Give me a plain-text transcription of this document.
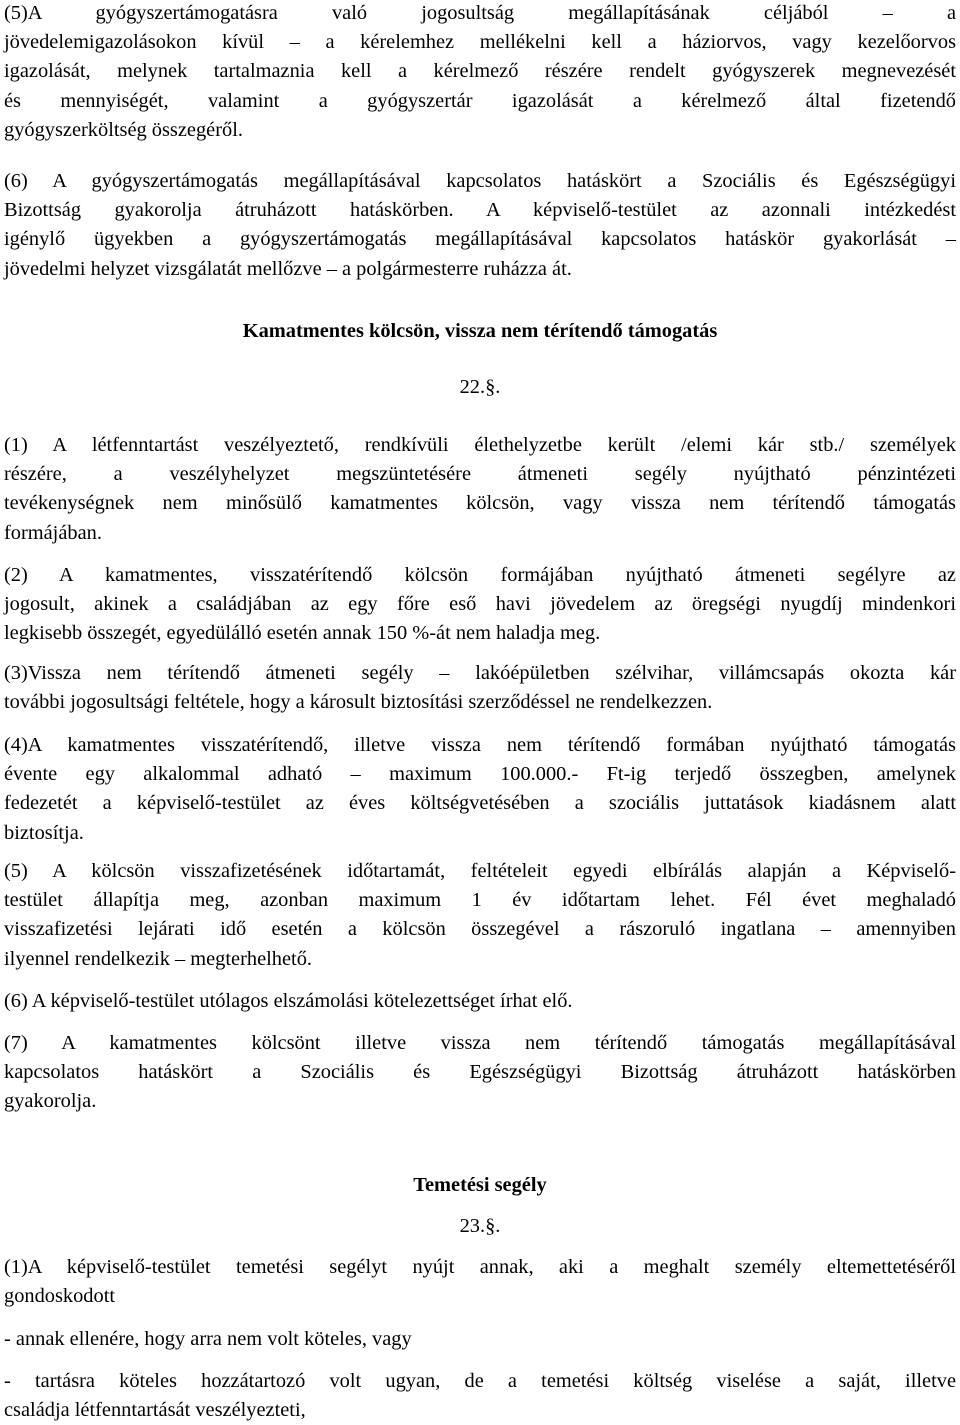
(5)A gyógyszertámogatásra való jogosultság megállapításának céljából – a
jövedelemigazolásokon kívül – a kérelemhez mellékelni kell a háziorvos, vagy kezelőorvos
igazolását, melynek tartalmaznia kell a kérelmező részére rendelt gyógyszerek megnevezését
és mennyiségét, valamint a gyógyszertár igazolását a kérelmező által fizetendő
gyógyszerköltség összegéről.
(6) A gyógyszertámogatás megállapításával kapcsolatos hatáskört a Szociális és Egészségügyi
Bizottság gyakorolja átruházott hatáskörben. A képviselő-testület az azonnali intézkedést
igénylő ügyekben a gyógyszertámogatás megállapításával kapcsolatos hatáskör gyakorlását –
jövedelmi helyzet vizsgálatát mellőzve – a polgármesterre ruházza át.
Kamatmentes kölcsön, vissza nem térítendő támogatás
22.§.
(1) A létfenntartást veszélyeztető, rendkívüli élethelyzetbe került /elemi kár stb./ személyek
részére, a veszélyhelyzet megszüntetésére átmeneti segély nyújtható pénzintézeti
tevékenységnek nem minősülő kamatmentes kölcsön, vagy vissza nem térítendő támogatás
formájában.
(2) A kamatmentes, visszatérítendő kölcsön formájában nyújtható átmeneti segélyre az
jogosult, akinek a családjában az egy főre eső havi jövedelem az öregségi nyugdíj mindenkori
legkisebb összegét, egyedülálló esetén annak 150 %-át nem haladja meg.
(3)Vissza nem térítendő átmeneti segély – lakóépületben szélvihar, villámcsapás okozta kár
további jogosultsági feltétele, hogy a károsult biztosítási szerződéssel ne rendelkezzen.
(4)A kamatmentes visszatérítendő, illetve vissza nem térítendő formában nyújtható támogatás
évente egy alkalommal adható – maximum 100.000.- Ft-ig terjedő összegben, amelynek
fedezetét a képviselő-testület az éves költségvetésében a szociális juttatások kiadásnem alatt
biztosítja.
(5) A kölcsön visszafizetésének időtartamát, feltételeit egyedi elbírálás alapján a Képviselő-
testület állapítja meg, azonban maximum 1 év időtartam lehet. Fél évet meghaladó
visszafizetési lejárati idő esetén a kölcsön összegével a rászoruló ingatlana – amennyiben
ilyennel rendelkezik – megterhelhető.
(6) A képviselő-testület utólagos elszámolási kötelezettséget írhat elő.
(7) A kamatmentes kölcsönt illetve vissza nem térítendő támogatás megállapításával
kapcsolatos hatáskört a Szociális és Egészségügyi Bizottság átruházott hatáskörben
gyakorolja.
Temetési segély
23.§.
(1)A képviselő-testület temetési segélyt nyújt annak, aki a meghalt személy eltemettetéséről
gondoskodott
- annak ellenére, hogy arra nem volt köteles, vagy
- tartásra köteles hozzátartozó volt ugyan, de a temetési költség viselése a saját, illetve
családja létfenntartását veszélyezteti,
